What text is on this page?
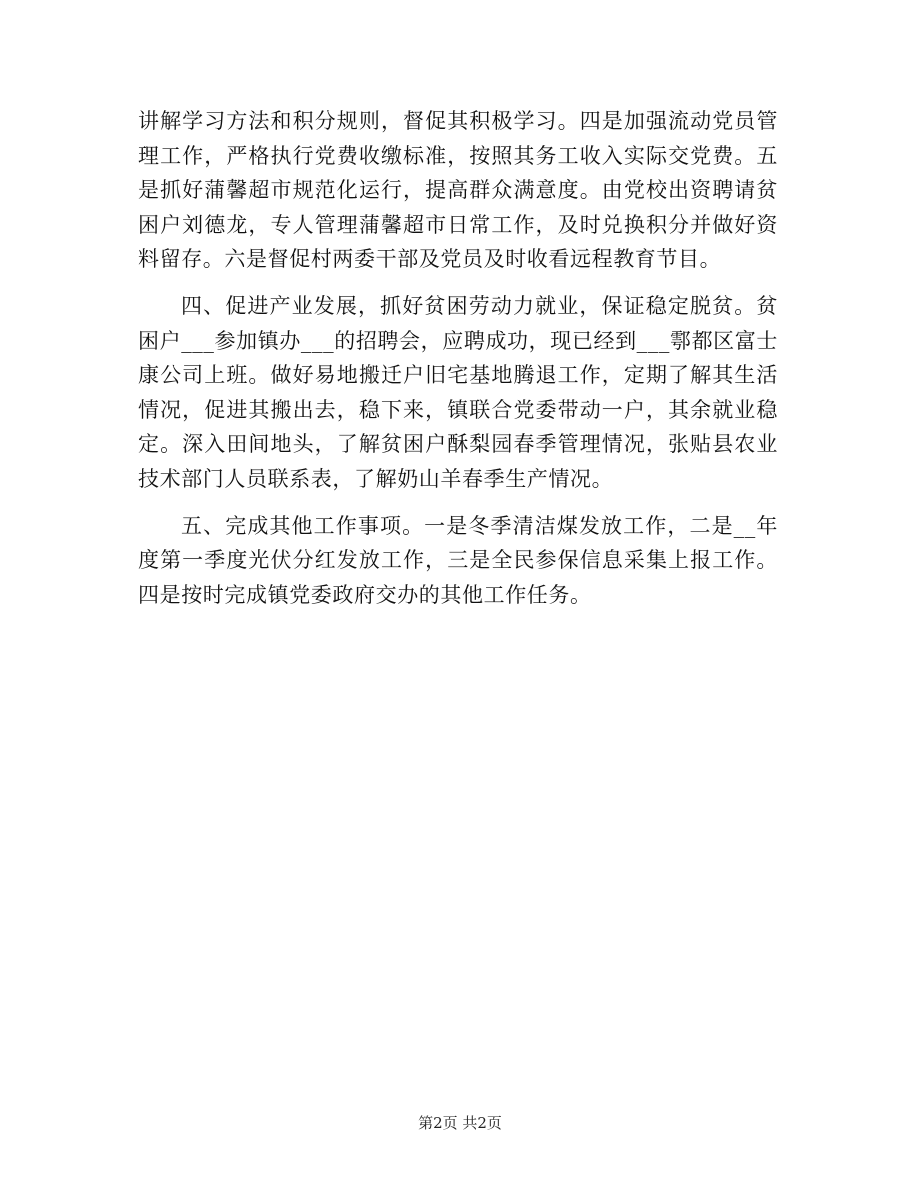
讲解学习方法和积分规则，督促其积极学习。四是加强流动党员管理工作，严格执行党费收缴标准，按照其务工收入实际交党费。五是抓好蒲馨超市规范化运行，提高群众满意度。由党校出资聘请贫困户刘德龙，专人管理蒲馨超市日常工作，及时兑换积分并做好资料留存。六是督促村两委干部及党员及时收看远程教育节目。

四、促进产业发展，抓好贫困劳动力就业，保证稳定脱贫。贫困户___参加镇办___的招聘会，应聘成功，现已经到___鄠都区富士康公司上班。做好易地搬迁户旧宅基地腾退工作，定期了解其生活情况，促进其搬出去，稳下来，镇联合党委带动一户，其余就业稳定。深入田间地头，了解贫困户酥梨园春季管理情况，张贴县农业技术部门人员联系表，了解奶山羊春季生产情况。

五、完成其他工作事项。一是冬季清洁煤发放工作，二是__年度第一季度光伏分红发放工作，三是全民参保信息采集上报工作。四是按时完成镇党委政府交办的其他工作任务。

第2页 共2页
